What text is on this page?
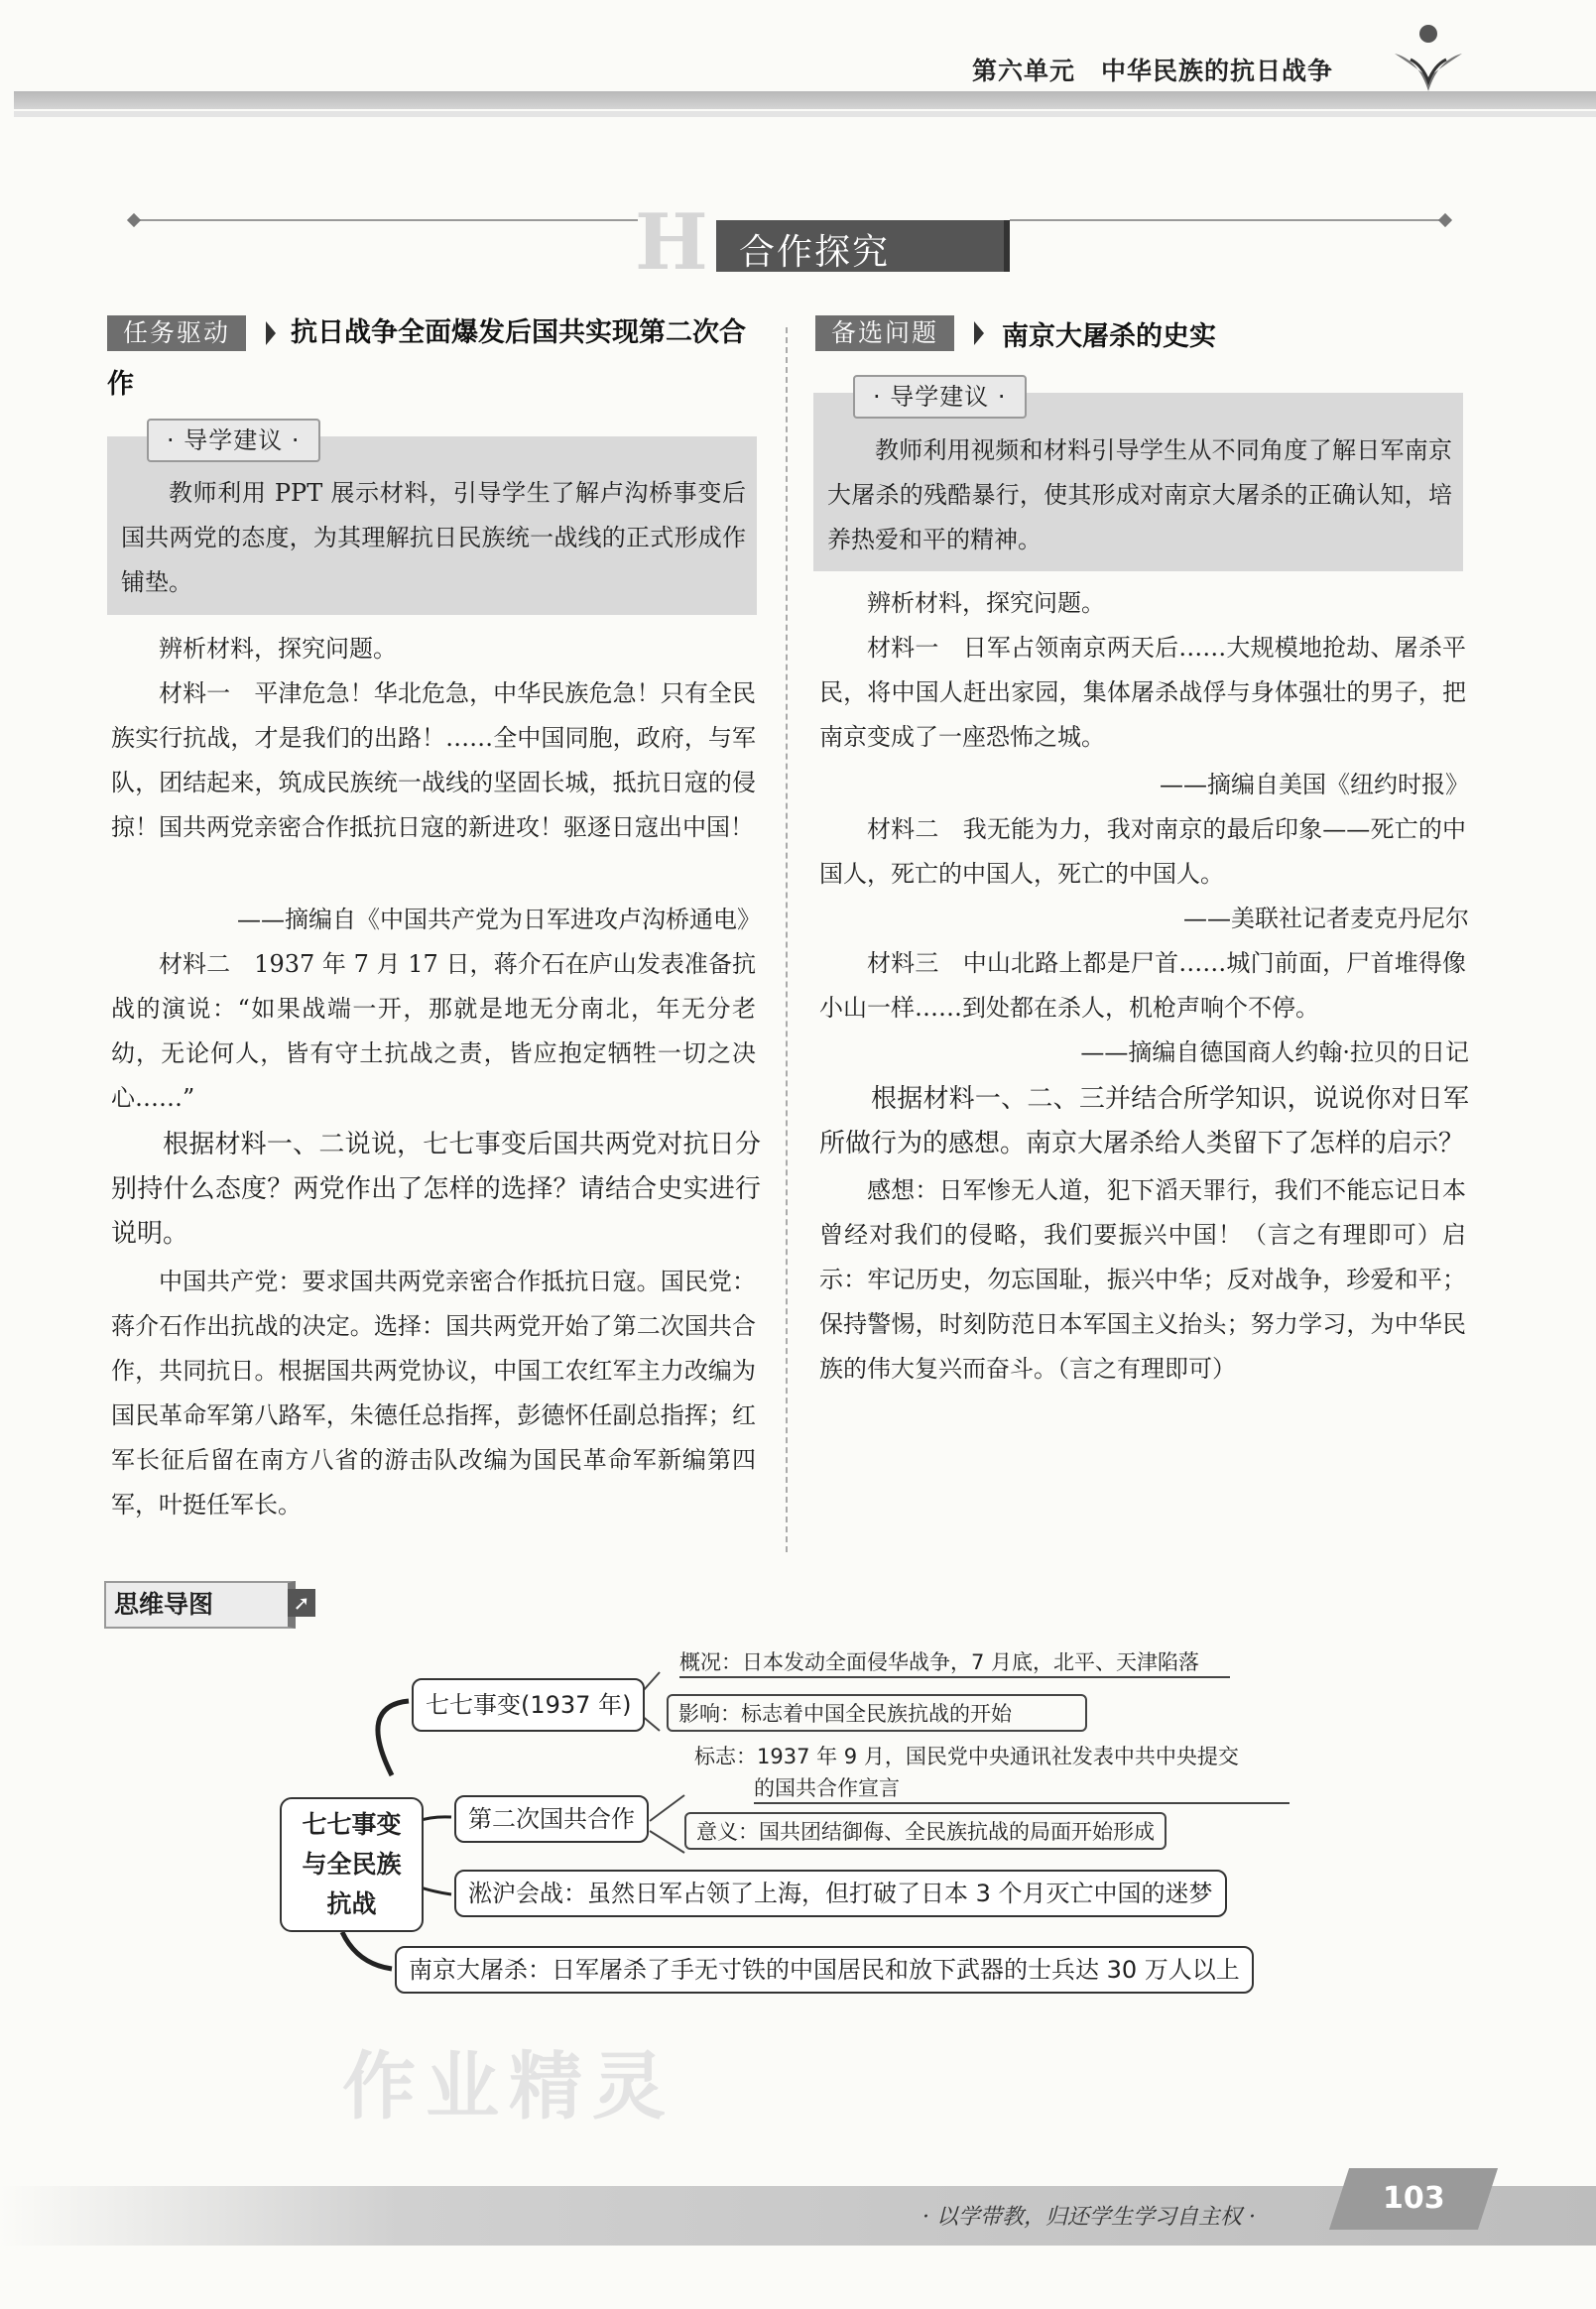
第六单元　中华民族的抗日战争
H 合作探究
任务驱动	抗日战争全面爆发后国共实现第二次合作
· 导学建议 ·
教师利用 PPT 展示材料，引导学生了解卢沟桥事变后国共两党的态度，为其理解抗日民族统一战线的正式形成作铺垫。
辨析材料，探究问题。
材料一　平津危急！华北危急，中华民族危急！只有全民族实行抗战，才是我们的出路！……全中国同胞，政府，与军队，团结起来，筑成民族统一战线的坚固长城，抵抗日寇的侵掠！国共两党亲密合作抵抗日寇的新进攻！驱逐日寇出中国！
——摘编自《中国共产党为日军进攻卢沟桥通电》
材料二　1937 年 7 月 17 日，蒋介石在庐山发表准备抗战的演说：“如果战端一开，那就是地无分南北，年无分老幼，无论何人，皆有守土抗战之责，皆应抱定牺牲一切之决心……”
根据材料一、二说说，七七事变后国共两党对抗日分别持什么态度？两党作出了怎样的选择？请结合史实进行说明。
中国共产党：要求国共两党亲密合作抵抗日寇。国民党：蒋介石作出抗战的决定。选择：国共两党开始了第二次国共合作，共同抗日。根据国共两党协议，中国工农红军主力改编为国民革命军第八路军，朱德任总指挥，彭德怀任副总指挥；红军长征后留在南方八省的游击队改编为国民革命军新编第四军，叶挺任军长。
备选问题	南京大屠杀的史实
· 导学建议 ·
教师利用视频和材料引导学生从不同角度了解日军南京大屠杀的残酷暴行，使其形成对南京大屠杀的正确认知，培养热爱和平的精神。
辨析材料，探究问题。
材料一　日军占领南京两天后……大规模地抢劫、屠杀平民，将中国人赶出家园，集体屠杀战俘与身体强壮的男子，把南京变成了一座恐怖之城。
——摘编自美国《纽约时报》
材料二　我无能为力，我对南京的最后印象——死亡的中国人，死亡的中国人，死亡的中国人。
——美联社记者麦克丹尼尔
材料三　中山北路上都是尸首……城门前面，尸首堆得像小山一样……到处都在杀人，机枪声响个不停。
——摘编自德国商人约翰·拉贝的日记
根据材料一、二、三并结合所学知识，说说你对日军所做行为的感想。南京大屠杀给人类留下了怎样的启示？
感想：日军惨无人道，犯下滔天罪行，我们不能忘记日本曾经对我们的侵略，我们要振兴中国！（言之有理即可）启示：牢记历史，勿忘国耻，振兴中华；反对战争，珍爱和平；保持警惕，时刻防范日本军国主义抬头；努力学习，为中华民族的伟大复兴而奋斗。（言之有理即可）
思维导图	➚
七七事变
与全民族
抗战
七七事变(1937 年)
概况：日本发动全面侵华战争，7 月底，北平、天津陷落
影响：标志着中国全民族抗战的开始
第二次国共合作
标志：1937 年 9 月，国民党中央通讯社发表中共中央提交
的国共合作宣言
意义：国共团结御侮、全民族抗战的局面开始形成
淞沪会战：虽然日军占领了上海，但打破了日本 3 个月灭亡中国的迷梦
南京大屠杀：日军屠杀了手无寸铁的中国居民和放下武器的士兵达 30 万人以上
作业精灵
· 以学带教，归还学生学习自主权 ·
103
